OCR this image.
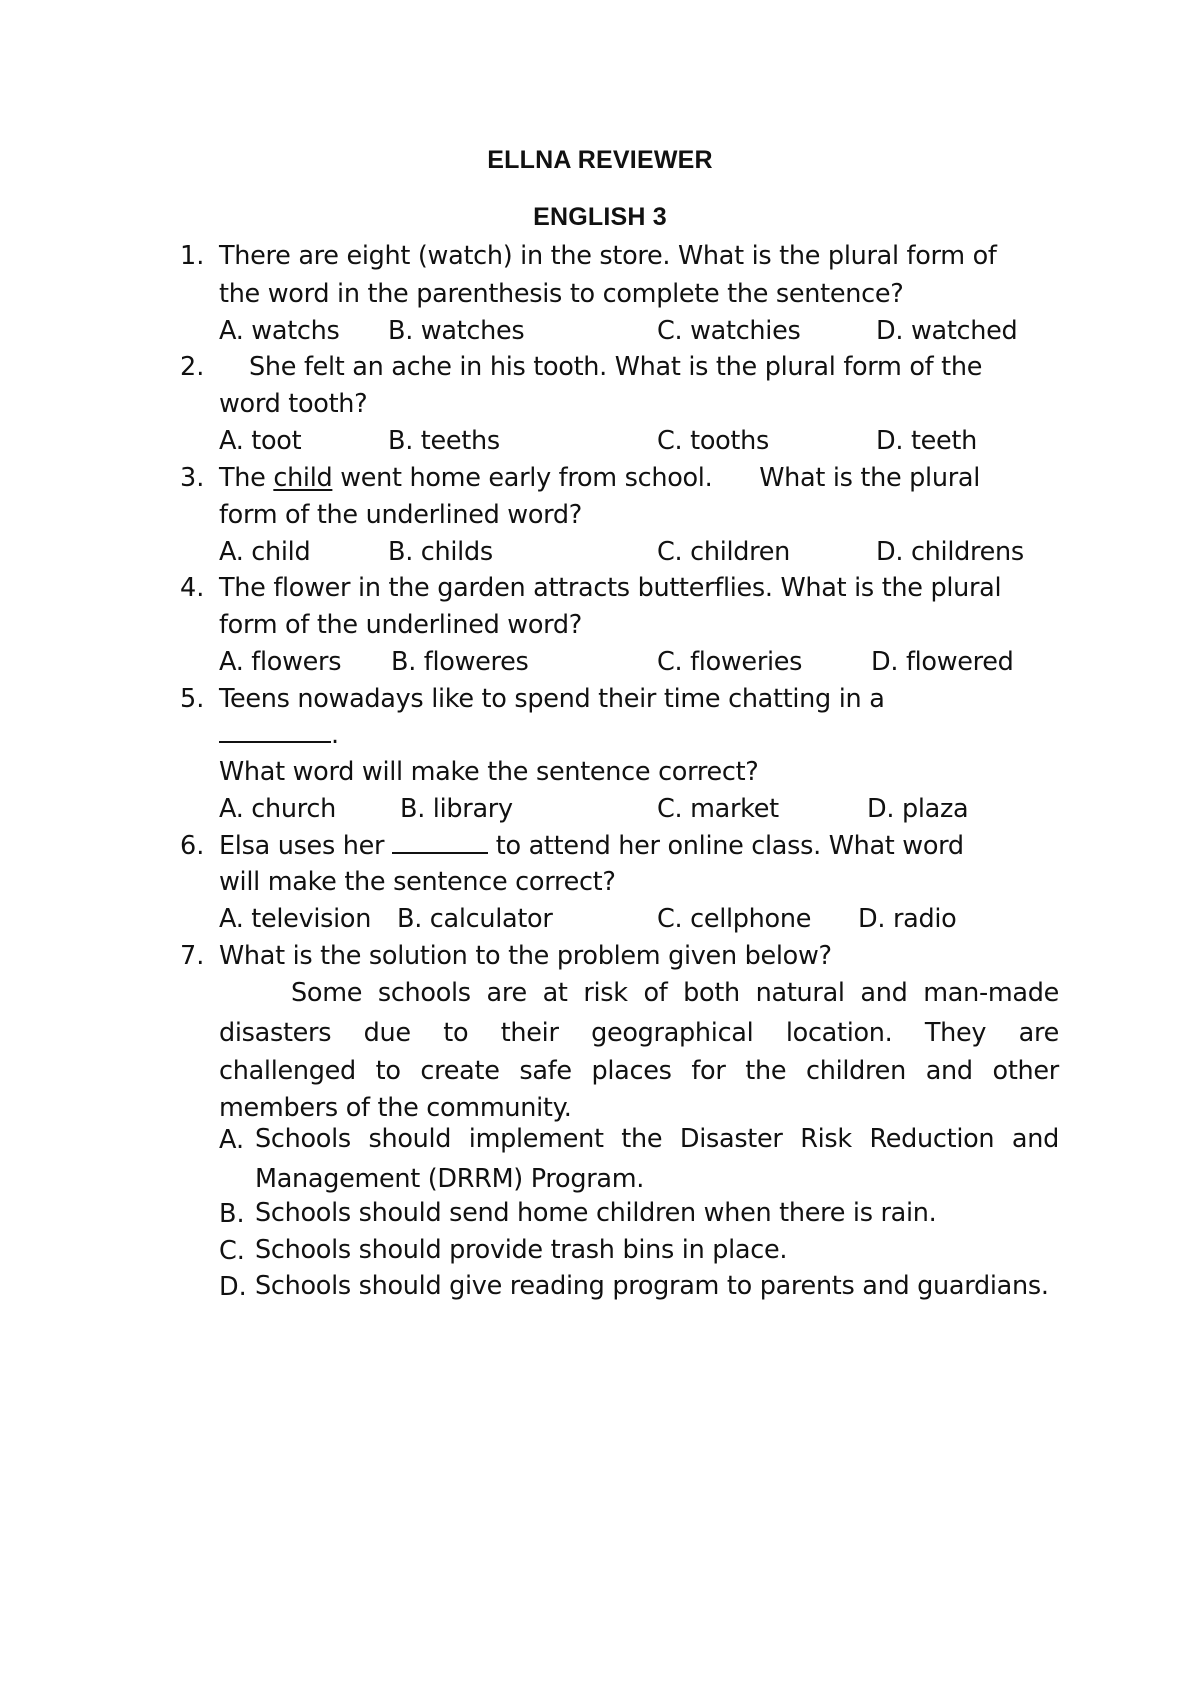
ELLNA REVIEWER
ENGLISH 3
1. There are eight (watch) in the store. What is the plural form of
the word in the parenthesis to complete the sentence?
A. watchs B. watches	C. watchies	D. watched
2. She felt an ache in his tooth. What is the plural form of the
word tooth?
A. toot	B. teeths	C. tooths	D. teeth
3. The child went home early from school.      What is the plural
form of the underlined word?
A. child	B. childs	C. children	D. childrens
4. The flower in the garden attracts butterflies. What is the plural
form of the underlined word?
A. flowers B. floweres	C. floweries	D. flowered
5. Teens nowadays like to spend their time chatting in a
.
What word will make the sentence correct?
A. church	B. library	C. market	D. plaza
6. Elsa uses her	to attend her online class. What word
will make the sentence correct?
A. television B. calculator	C. cellphone D. radio
7. What is the solution to the problem given below?
Some schools are at risk of both natural and man-made
disasters due to their geographical location. They are
challenged to create safe places for the children and other
members of the community.
A. Schools should implement the Disaster Risk Reduction and Management (DRRM) Program.
B. Schools should send home children when there is rain.
C. Schools should provide trash bins in place.
D. Schools should give reading program to parents and guardians.
